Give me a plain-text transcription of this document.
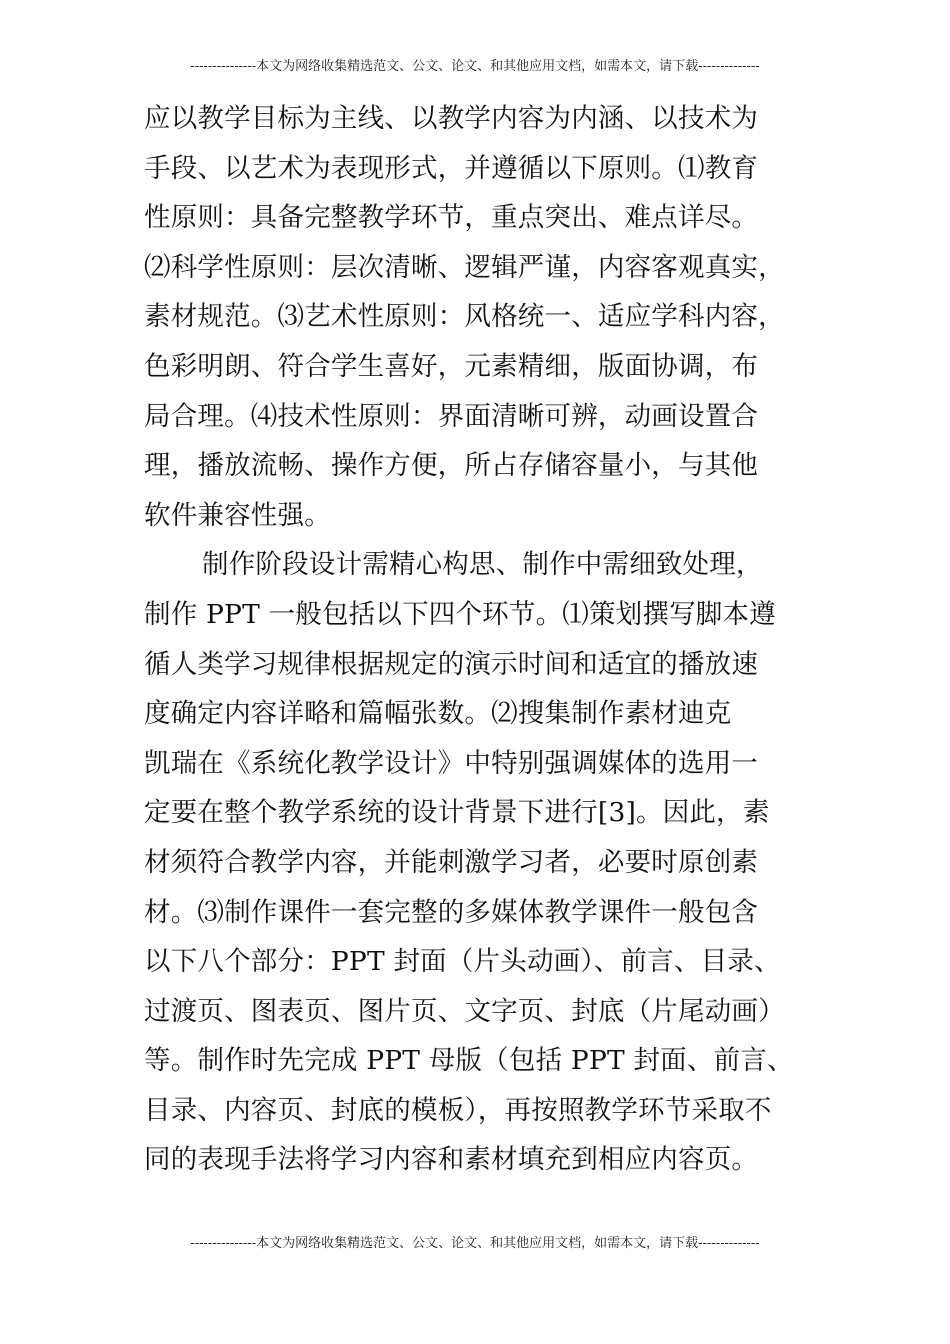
---------------本文为网络收集精选范文、公文、论文、和其他应用文档，如需本文，请下载--------------
应以教学目标为主线、以教学内容为内涵、以技术为
手段、以艺术为表现形式，并遵循以下原则。⑴教育
性原则：具备完整教学环节，重点突出、难点详尽。
⑵科学性原则：层次清晰、逻辑严谨，内容客观真实，
素材规范。⑶艺术性原则：风格统一、适应学科内容，
色彩明朗、符合学生喜好，元素精细，版面协调，布
局合理。⑷技术性原则：界面清晰可辨，动画设置合
理，播放流畅、操作方便，所占存储容量小，与其他
软件兼容性强。
制作阶段设计需精心构思、制作中需细致处理，
制作 PPT 一般包括以下四个环节。⑴策划撰写脚本遵
循人类学习规律根据规定的演示时间和适宜的播放速
度确定内容详略和篇幅张数。⑵搜集制作素材迪克
凯瑞在《系统化教学设计》中特别强调媒体的选用一
定要在整个教学系统的设计背景下进行[3]。因此，素
材须符合教学内容，并能刺激学习者，必要时原创素
材。⑶制作课件一套完整的多媒体教学课件一般包含
以下八个部分：PPT 封面（片头动画）、前言、目录、
过渡页、图表页、图片页、文字页、封底（片尾动画）
等。制作时先完成 PPT 母版（包括 PPT 封面、前言、
目录、内容页、封底的模板），再按照教学环节采取不
同的表现手法将学习内容和素材填充到相应内容页。
---------------本文为网络收集精选范文、公文、论文、和其他应用文档，如需本文，请下载--------------
